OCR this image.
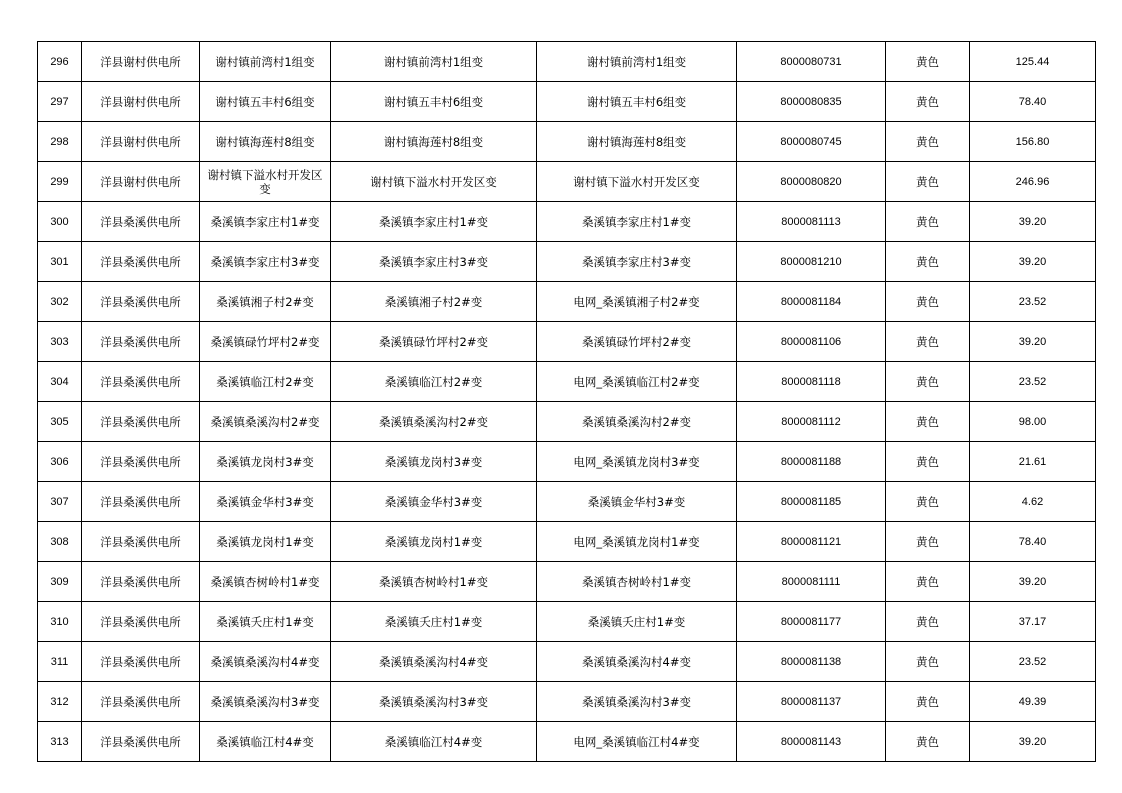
296	洋县谢村供电所	谢村镇前湾村1组变	谢村镇前湾村1组变	谢村镇前湾村1组变	8000080731	黄色	125.44
297	洋县谢村供电所	谢村镇五丰村6组变	谢村镇五丰村6组变	谢村镇五丰村6组变	8000080835	黄色	78.40
298	洋县谢村供电所	谢村镇海莲村8组变	谢村镇海莲村8组变	谢村镇海莲村8组变	8000080745	黄色	156.80
299	洋县谢村供电所	谢村镇下溢水村开发区变	谢村镇下溢水村开发区变	谢村镇下溢水村开发区变	8000080820	黄色	246.96
300	洋县桑溪供电所	桑溪镇李家庄村1#变	桑溪镇李家庄村1#变	桑溪镇李家庄村1#变	8000081113	黄色	39.20
301	洋县桑溪供电所	桑溪镇李家庄村3#变	桑溪镇李家庄村3#变	桑溪镇李家庄村3#变	8000081210	黄色	39.20
302	洋县桑溪供电所	桑溪镇湘子村2#变	桑溪镇湘子村2#变	电网_桑溪镇湘子村2#变	8000081184	黄色	23.52
303	洋县桑溪供电所	桑溪镇碌竹坪村2#变	桑溪镇碌竹坪村2#变	桑溪镇碌竹坪村2#变	8000081106	黄色	39.20
304	洋县桑溪供电所	桑溪镇临江村2#变	桑溪镇临江村2#变	电网_桑溪镇临江村2#变	8000081118	黄色	23.52
305	洋县桑溪供电所	桑溪镇桑溪沟村2#变	桑溪镇桑溪沟村2#变	桑溪镇桑溪沟村2#变	8000081112	黄色	98.00
306	洋县桑溪供电所	桑溪镇龙岗村3#变	桑溪镇龙岗村3#变	电网_桑溪镇龙岗村3#变	8000081188	黄色	21.61
307	洋县桑溪供电所	桑溪镇金华村3#变	桑溪镇金华村3#变	桑溪镇金华村3#变	8000081185	黄色	4.62
308	洋县桑溪供电所	桑溪镇龙岗村1#变	桑溪镇龙岗村1#变	电网_桑溪镇龙岗村1#变	8000081121	黄色	78.40
309	洋县桑溪供电所	桑溪镇杏树岭村1#变	桑溪镇杏树岭村1#变	桑溪镇杏树岭村1#变	8000081111	黄色	39.20
310	洋县桑溪供电所	桑溪镇夭庄村1#变	桑溪镇夭庄村1#变	桑溪镇夭庄村1#变	8000081177	黄色	37.17
311	洋县桑溪供电所	桑溪镇桑溪沟村4#变	桑溪镇桑溪沟村4#变	桑溪镇桑溪沟村4#变	8000081138	黄色	23.52
312	洋县桑溪供电所	桑溪镇桑溪沟村3#变	桑溪镇桑溪沟村3#变	桑溪镇桑溪沟村3#变	8000081137	黄色	49.39
313	洋县桑溪供电所	桑溪镇临江村4#变	桑溪镇临江村4#变	电网_桑溪镇临江村4#变	8000081143	黄色	39.20
